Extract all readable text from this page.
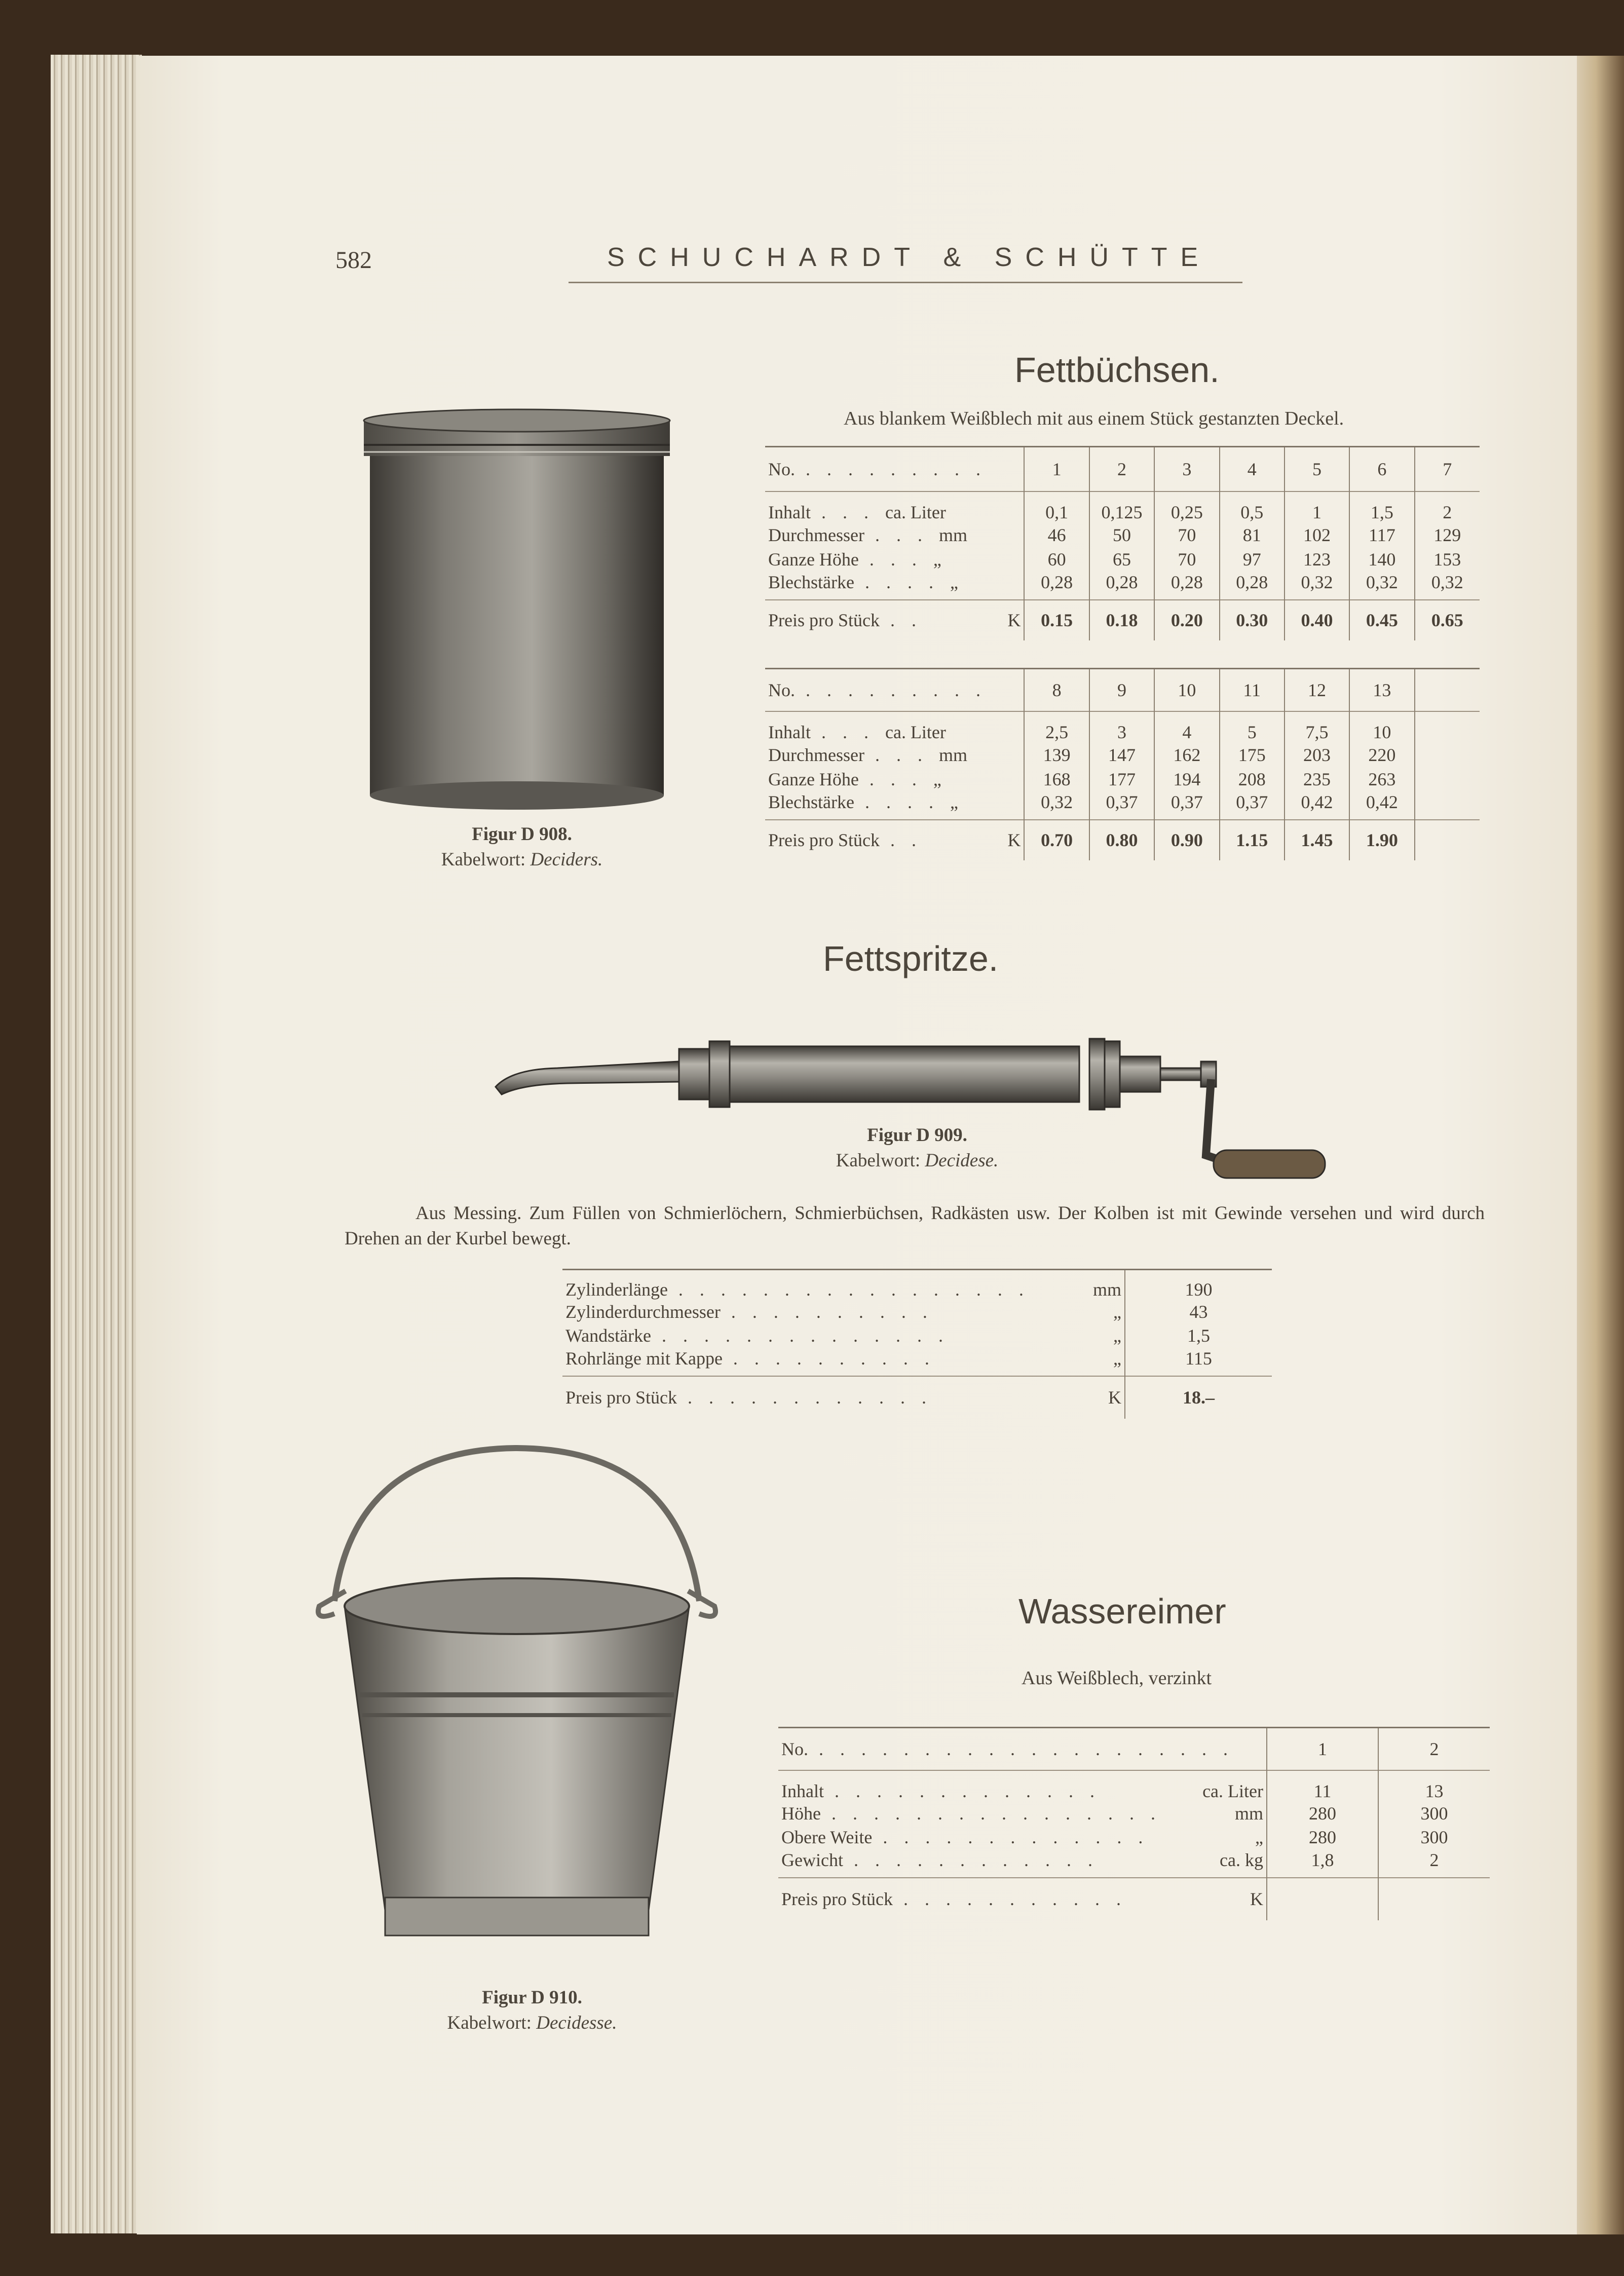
582	SCHUCHARDT & SCHÜTTE
Fettbüchsen.
Aus blankem Weißblech mit aus einem Stück gestanzten Deckel.
Figur D 908.
Kabelwort: Deciders.
No. . . . . . . . . .	1	2	3	4	5	6	7
Inhalt . . . ca. Liter	0,1	0,125	0,25	0,5	1	1,5	2
Durchmesser . . . mm	46	50	70	81	102	117	129
Ganze Höhe . . . „	60	65	70	97	123	140	153
Blechstärke . . . . „	0,28	0,28	0,28	0,28	0,32	0,32	0,32
Preis pro Stück . . K	0.15	0.18	0.20	0.30	0.40	0.45	0.65
No. . . . . . . . . .	8	9	10	11	12	13	
Inhalt . . . ca. Liter	2,5	3	4	5	7,5	10	
Durchmesser . . . mm	139	147	162	175	203	220	
Ganze Höhe . . . „	168	177	194	208	235	263	
Blechstärke . . . . „	0,32	0,37	0,37	0,37	0,42	0,42	
Preis pro Stück . . K	0.70	0.80	0.90	1.15	1.45	1.90	
Fettspritze.
Figur D 909.
Kabelwort: Decidese.
Aus Messing. Zum Füllen von Schmierlöchern, Schmierbüchsen, Radkästen usw. Der Kolben ist mit Gewinde versehen und wird durch Drehen an der Kurbel bewegt.
Zylinderlänge . . . . . . . . . . . . . . . . . mm	190
Zylinderdurchmesser . . . . . . . . . . „	43
Wandstärke . . . . . . . . . . . . . . „	1,5
Rohrlänge mit Kappe . . . . . . . . . . „	115
Preis pro Stück . . . . . . . . . . . . K	18.–
Figur D 910.
Kabelwort: Decidesse.
Wassereimer
Aus Weißblech, verzinkt
No. . . . . . . . . . . . . . . . . . . . .	1	2
Inhalt . . . . . . . . . . . . . ca. Liter	11	13
Höhe . . . . . . . . . . . . . . . . mm	280	300
Obere Weite . . . . . . . . . . . . . „	280	300
Gewicht . . . . . . . . . . . . ca. kg	1,8	2
Preis pro Stück . . . . . . . . . . . K		
